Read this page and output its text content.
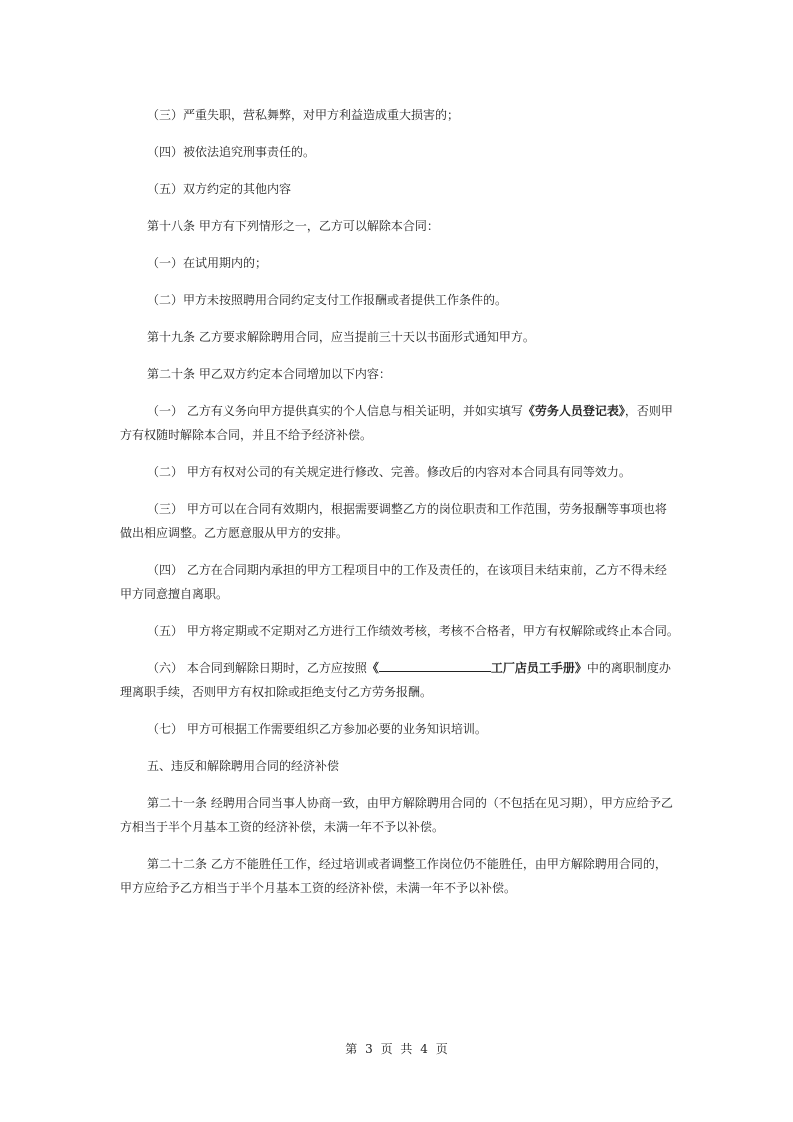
（三）严重失职，营私舞弊，对甲方利益造成重大损害的；

（四）被依法追究刑事责任的。

（五）双方约定的其他内容

第十八条 甲方有下列情形之一，乙方可以解除本合同：

（一）在试用期内的；

（二）甲方未按照聘用合同约定支付工作报酬或者提供工作条件的。

第十九条 乙方要求解除聘用合同，应当提前三十天以书面形式通知甲方。

第二十条 甲乙双方约定本合同增加以下内容：

（一） 乙方有义务向甲方提供真实的个人信息与相关证明，并如实填写《劳务人员登记表》，否则甲方有权随时解除本合同，并且不给予经济补偿。

（二） 甲方有权对公司的有关规定进行修改、完善。修改后的内容对本合同具有同等效力。

（三） 甲方可以在合同有效期内，根据需要调整乙方的岗位职责和工作范围，劳务报酬等事项也将做出相应调整。乙方愿意服从甲方的安排。

（四） 乙方在合同期内承担的甲方工程项目中的工作及责任的，在该项目未结束前，乙方不得未经甲方同意擅自离职。

（五） 甲方将定期或不定期对乙方进行工作绩效考核，考核不合格者，甲方有权解除或终止本合同。

（六） 本合同到解除日期时，乙方应按照《	工厂店员工手册》中的离职制度办理离职手续，否则甲方有权扣除或拒绝支付乙方劳务报酬。

（七） 甲方可根据工作需要组织乙方参加必要的业务知识培训。

五、违反和解除聘用合同的经济补偿

第二十一条 经聘用合同当事人协商一致，由甲方解除聘用合同的（不包括在见习期），甲方应给予乙方相当于半个月基本工资的经济补偿，未满一年不予以补偿。

第二十二条 乙方不能胜任工作，经过培训或者调整工作岗位仍不能胜任，由甲方解除聘用合同的，甲方应给予乙方相当于半个月基本工资的经济补偿，未满一年不予以补偿。

第 3 页 共 4 页
